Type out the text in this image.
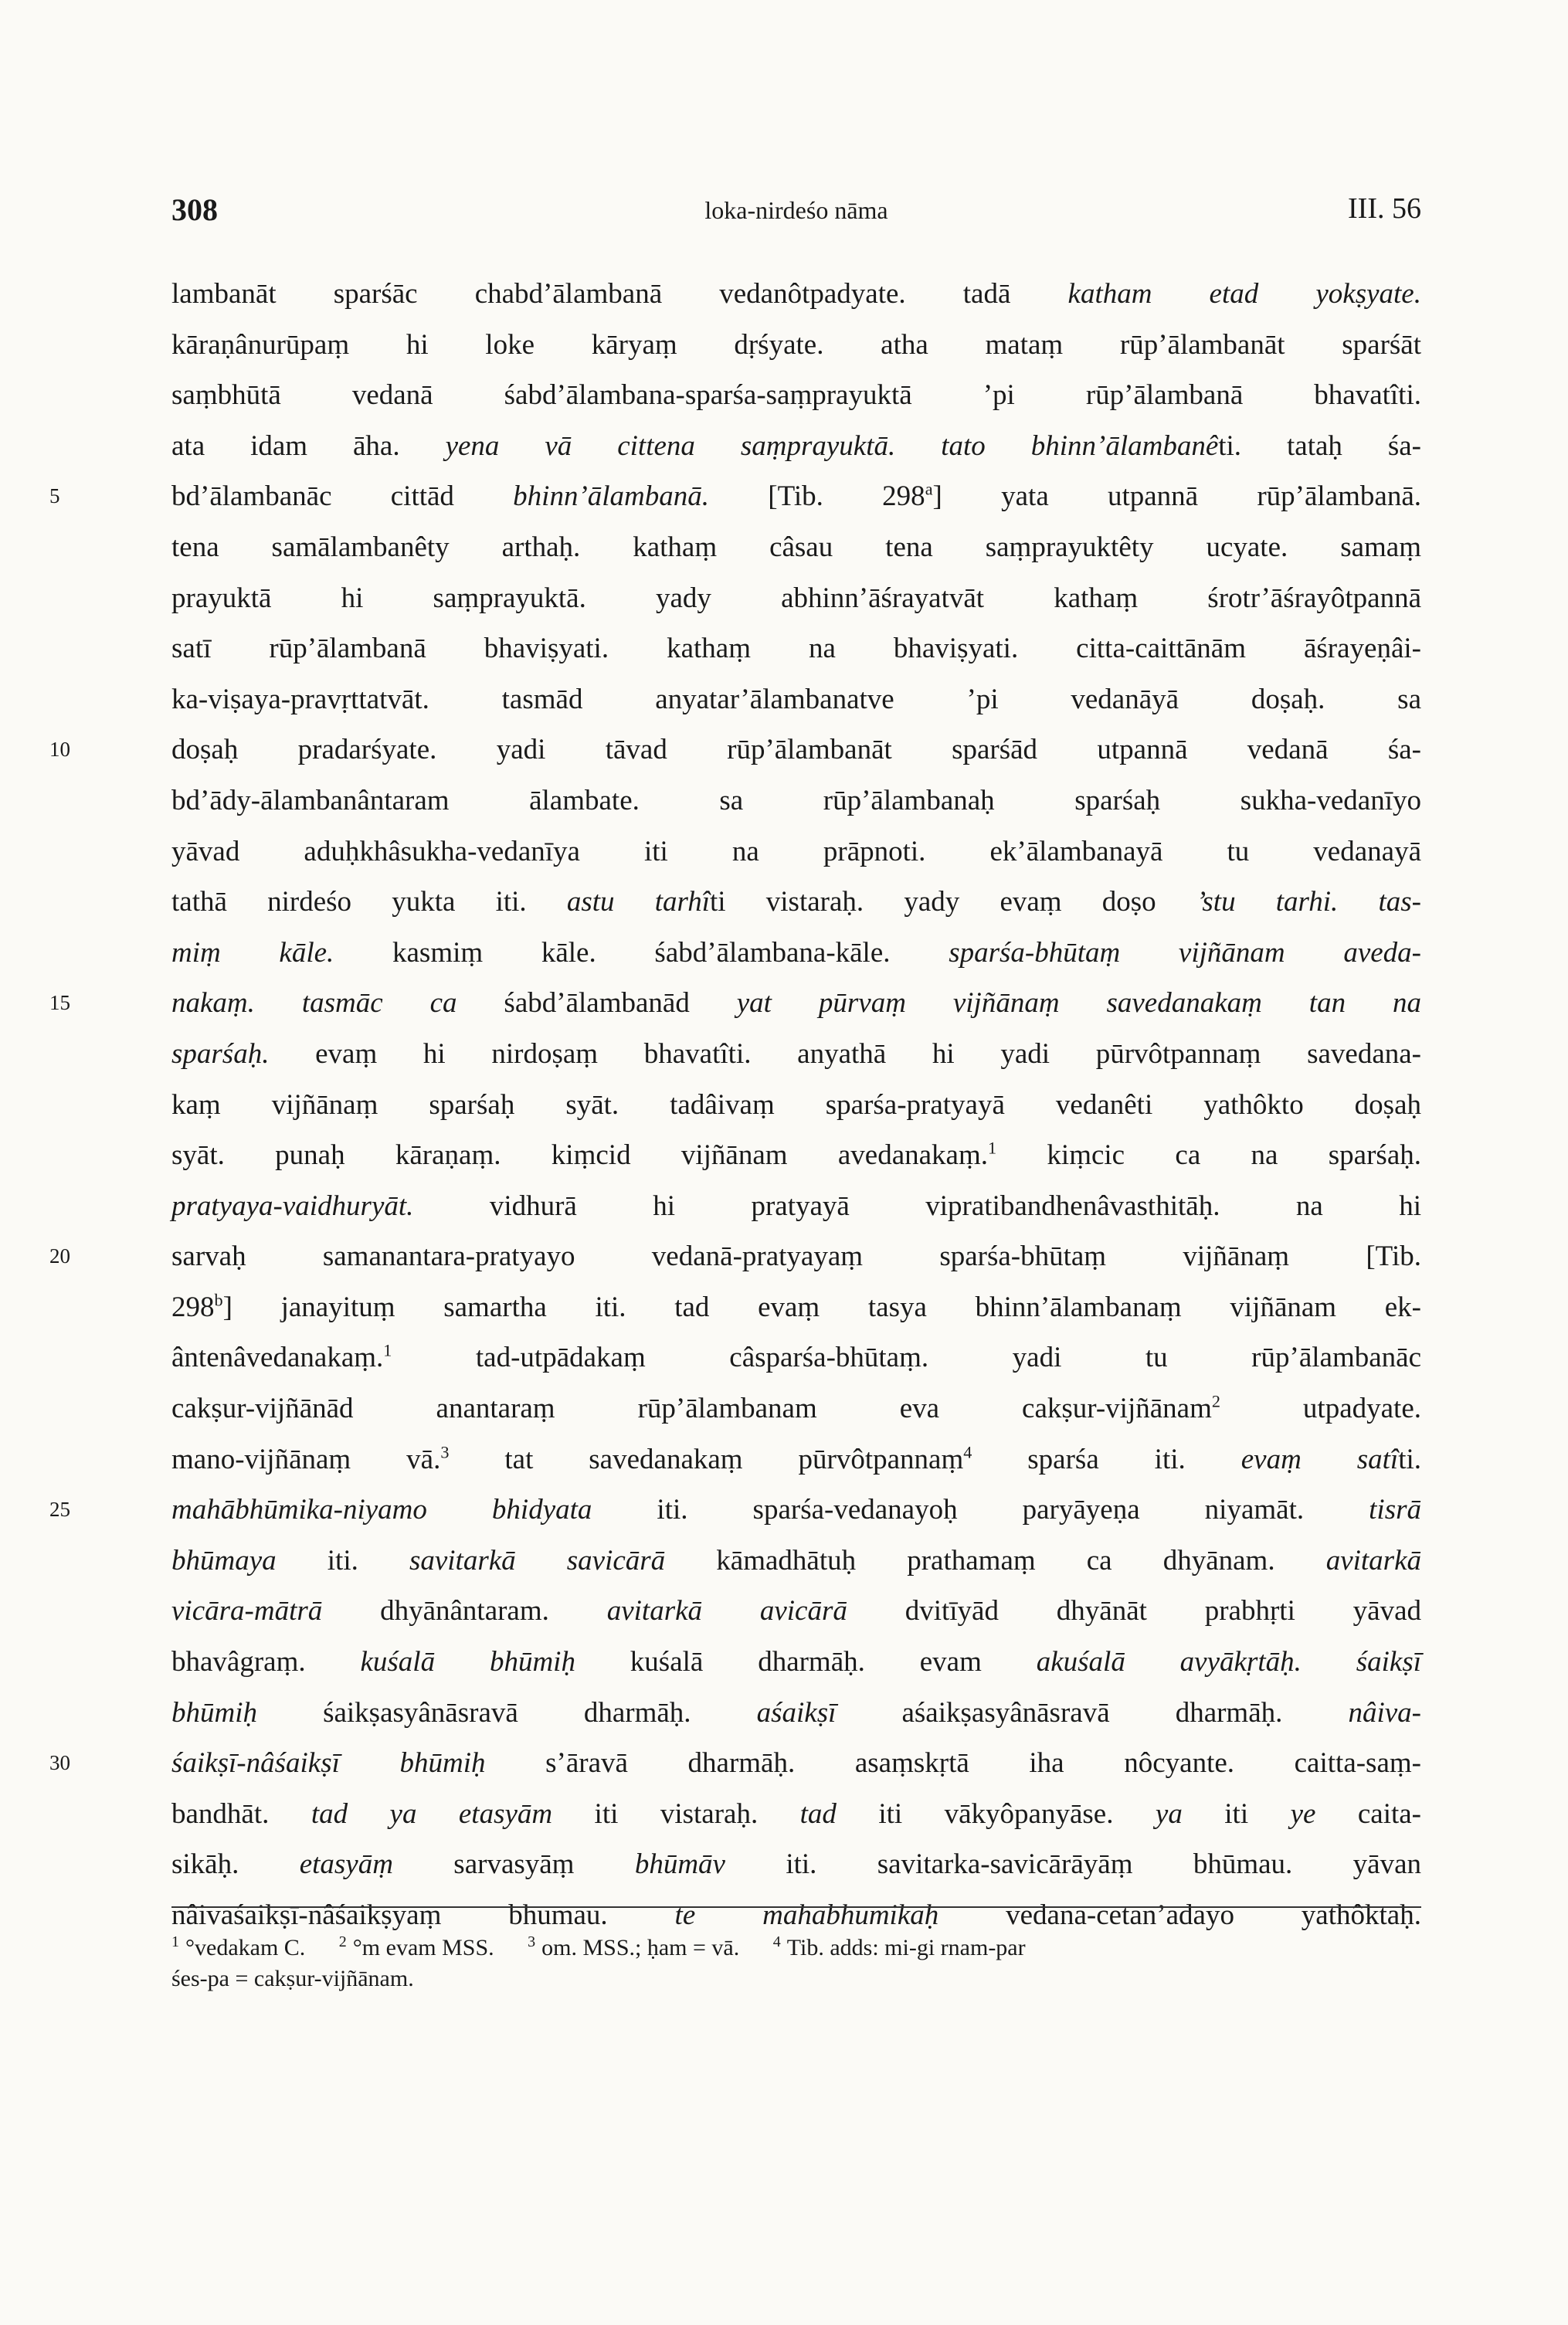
308	loka-nirdeśo nāma	III. 56
lambanāt sparśāc chabd’ālambanā vedanôtpadyate. tadā katham etad yokṣyate.
kāraṇânurūpaṃ hi loke kāryaṃ dṛśyate. atha mataṃ rūp’ālambanāt sparśāt
saṃbhūtā vedanā śabd’ālambana-sparśa-saṃprayuktā ’pi rūp’ālambanā bhavatîti.
ata idam āha. yena vā cittena saṃprayuktā. tato bhinn’ālambanêti. tataḥ śa-
5	bd’ālambanāc cittād bhinn’ālambanā. [Tib. 298$^a$] yata utpannā rūp’ālambanā.
tena samālambanêty arthaḥ. kathaṃ câsau tena saṃprayuktêty ucyate. samaṃ
prayuktā hi saṃprayuktā. yady abhinn’āśrayatvāt kathaṃ śrotr’āśrayôtpannā
satī rūp’ālambanā bhaviṣyati. kathaṃ na bhaviṣyati. citta-caittānām āśrayeṇâi-
ka-viṣaya-pravṛttatvāt. tasmād anyatar’ālambanatve ’pi vedanāyā doṣaḥ. sa
10	doṣaḥ pradarśyate. yadi tāvad rūp’ālambanāt sparśād utpannā vedanā śa-
bd’ādy-ālambanântaram ālambate. sa rūp’ālambanaḥ sparśaḥ sukha-vedanīyo
yāvad aduḥkhâsukha-vedanīya iti na prāpnoti. ek’ālambanayā tu vedanayā
tathā nirdeśo yukta iti. astu tarhîti vistaraḥ. yady evaṃ doṣo ’stu tarhi. tas-
miṃ kāle. kasmiṃ kāle. śabd’ālambana-kāle. sparśa-bhūtaṃ vijñānam aveda-
15	nakaṃ. tasmāc ca śabd’ālambanād yat pūrvaṃ vijñānaṃ savedanakaṃ tan na
sparśaḥ. evaṃ hi nirdoṣaṃ bhavatîti. anyathā hi yadi pūrvôtpannaṃ savedana-
kaṃ vijñānaṃ sparśaḥ syāt. tadâivaṃ sparśa-pratyayā vedanêti yathôkto doṣaḥ
syāt. punaḥ kāraṇaṃ. kiṃcid vijñānam avedanakaṃ.$^1$ kiṃcic ca na sparśaḥ.
pratyaya-vaidhuryāt. vidhurā hi pratyayā vipratibandhenâvasthitāḥ. na hi
20	sarvaḥ samanantara-pratyayo vedanā-pratyayaṃ sparśa-bhūtaṃ vijñānaṃ [Tib.
298$^b$] janayituṃ samartha iti. tad evaṃ tasya bhinn’ālambanaṃ vijñānam ek-
ântenâvedanakaṃ.$^1$ tad-utpādakaṃ câsparśa-bhūtaṃ. yadi tu rūp’ālambanāc
cakṣur-vijñānād anantaraṃ rūp’ālambanam eva cakṣur-vijñānam$^2$ utpadyate.
mano-vijñānaṃ vā.$^3$ tat savedanakaṃ pūrvôtpannaṃ$^4$ sparśa iti. evaṃ satîti.
25	mahābhūmika-niyamo bhidyata iti. sparśa-vedanayoḥ paryāyeṇa niyamāt. tisrā
bhūmaya iti. savitarkā savicārā kāmadhātuḥ prathamaṃ ca dhyānam. avitarkā
vicāra-mātrā dhyānântaram. avitarkā avicārā dvitīyād dhyānāt prabhṛti yāvad
bhavâgraṃ. kuśalā bhūmiḥ kuśalā dharmāḥ. evam akuśalā avyākṛtāḥ. śaikṣī
bhūmiḥ śaikṣasyânāsravā dharmāḥ. aśaikṣī aśaikṣasyânāsravā dharmāḥ. nâiva-
30	śaikṣī-nâśaikṣī bhūmiḥ s’āravā dharmāḥ. asaṃskṛtā iha nôcyante. caitta-saṃ-
bandhāt. tad ya etasyām iti vistaraḥ. tad iti vākyôpanyāse. ya iti ye caita-
sikāḥ. etasyāṃ sarvasyāṃ bhūmāv iti. savitarka-savicārāyāṃ bhūmau. yāvan
nâivaśaikṣī-nâśaikṣyāṃ bhūmau. te mahābhūmikāḥ vedanā-cetan’ādayo yathôktāḥ.
$^1$ °vedakam C. $^2$ °m evam MSS. $^3$ om. MSS.; ḥam = vā. $^4$ Tib. adds: mi-gi rnam-par
śes-pa = cakṣur-vijñānam.
